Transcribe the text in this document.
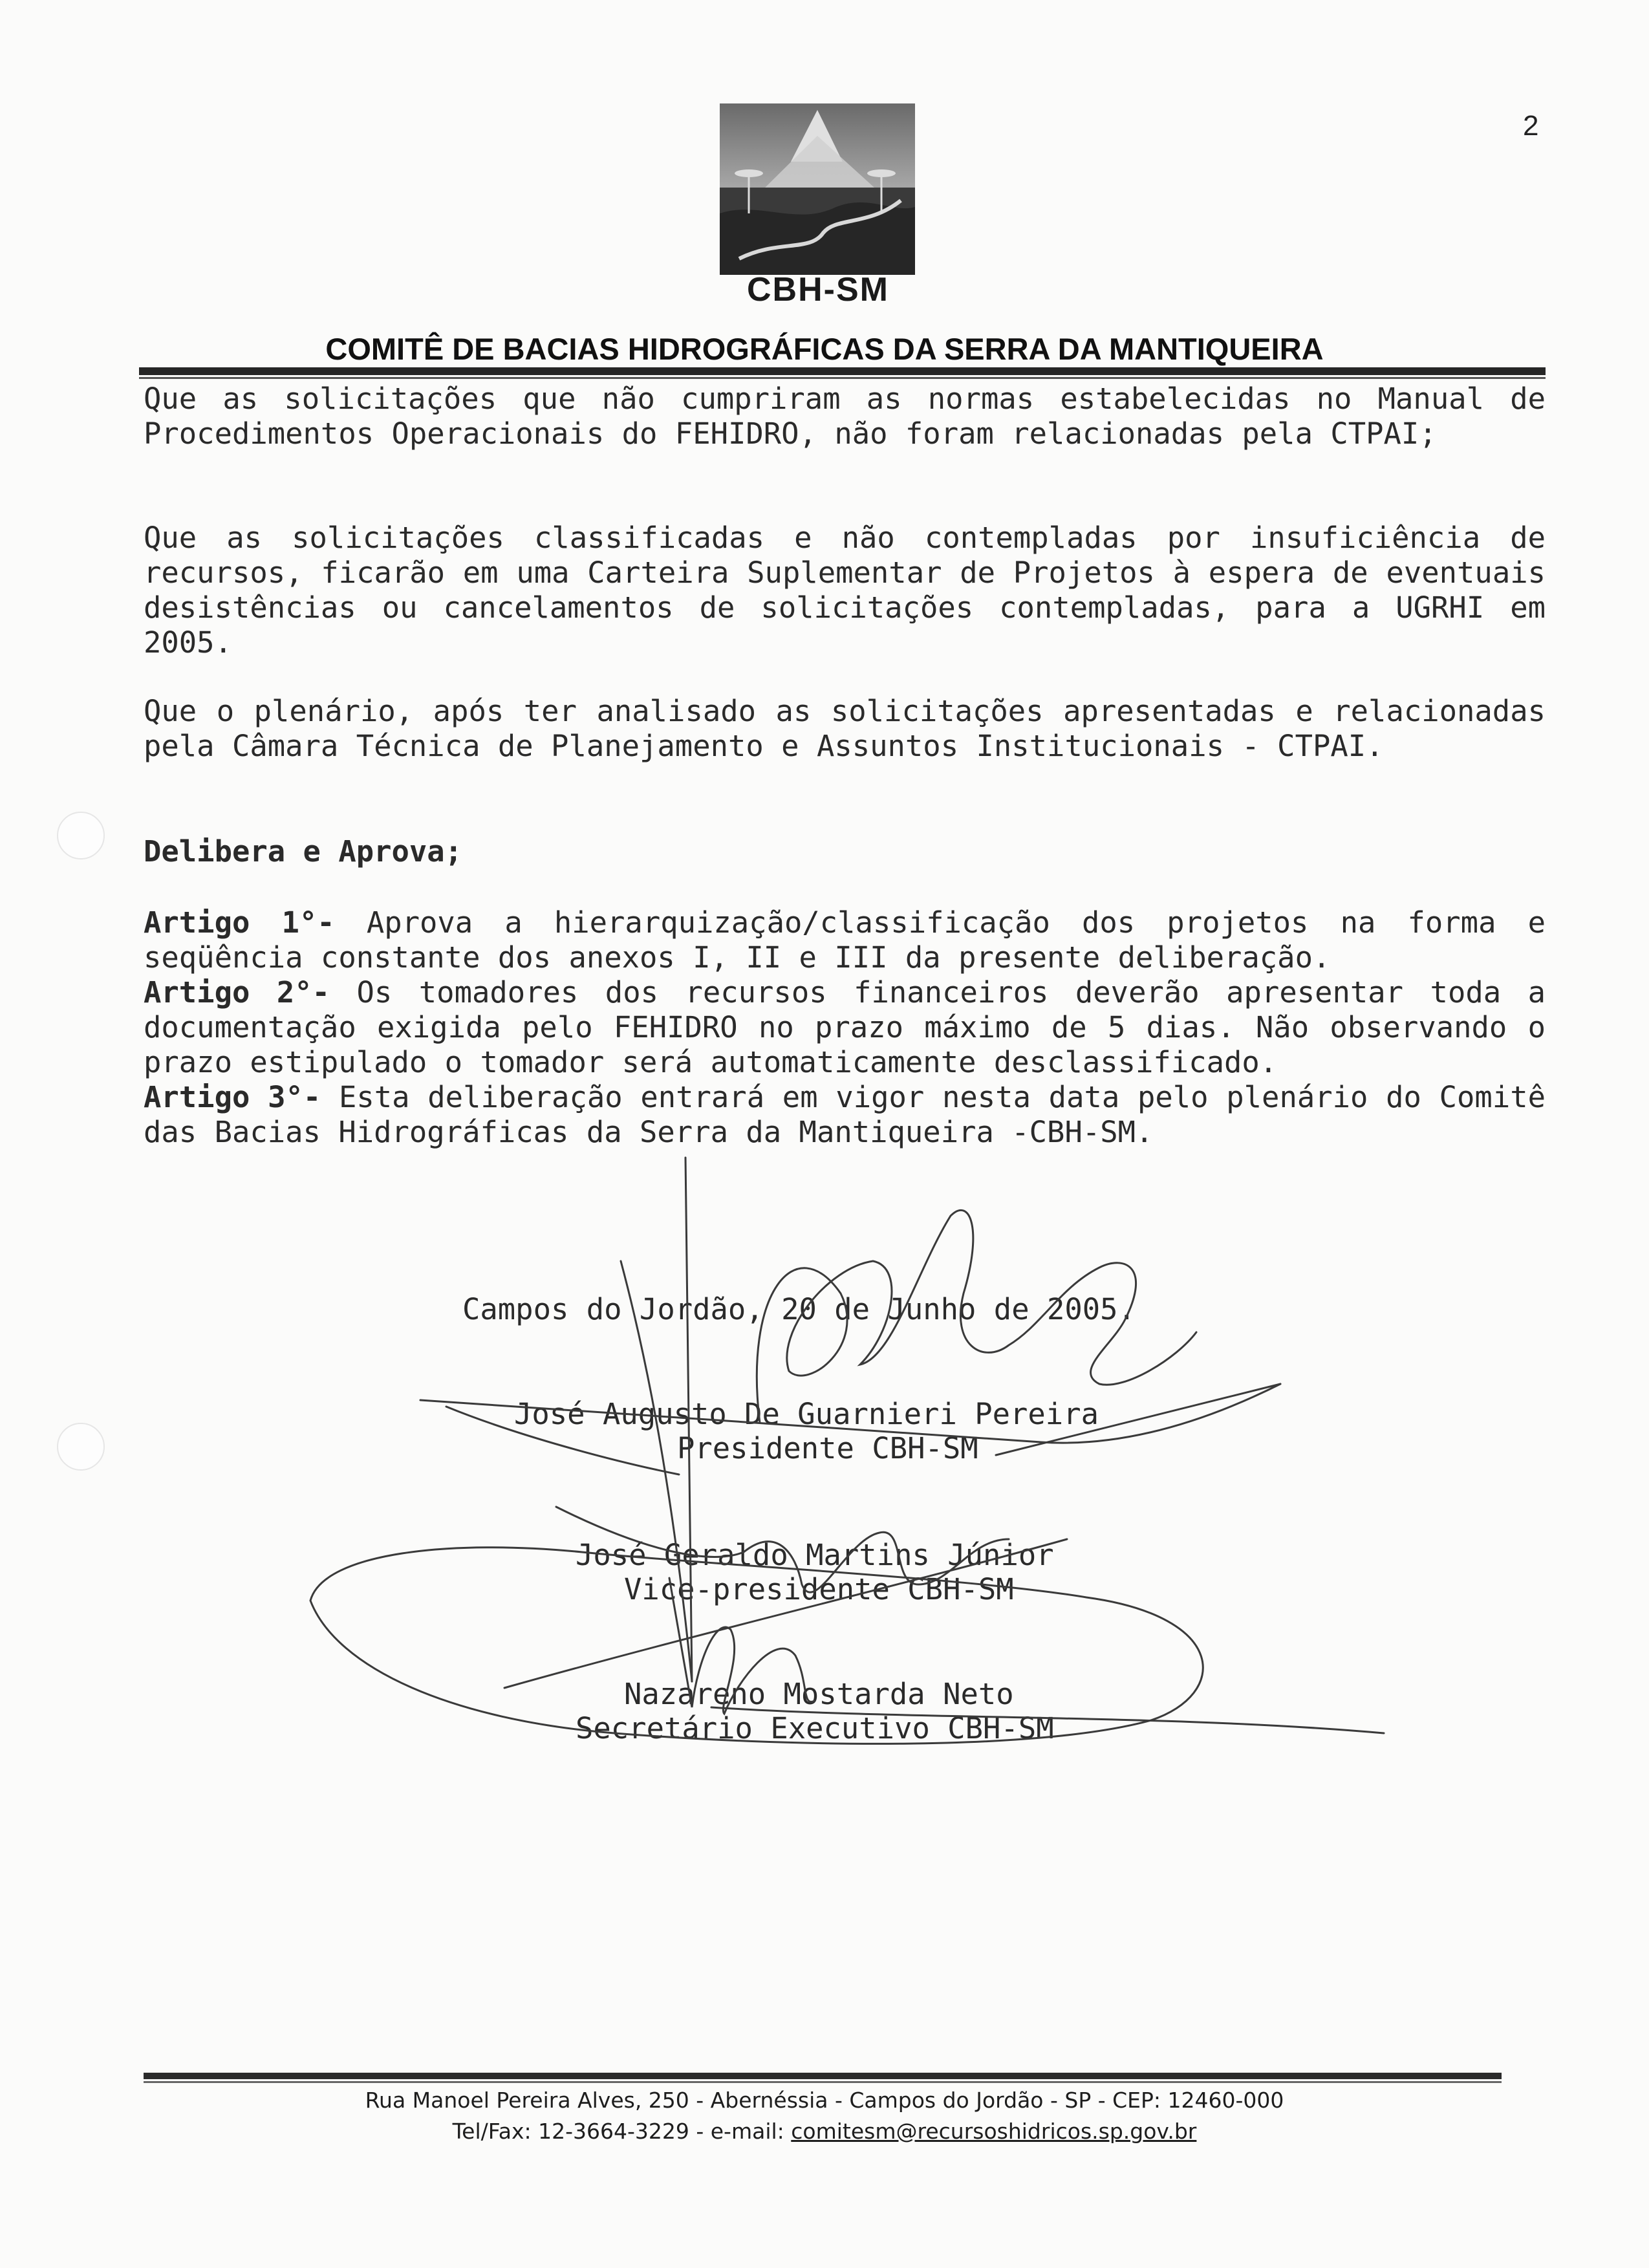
2
CBH-SM
COMITÊ DE BACIAS HIDROGRÁFICAS DA SERRA DA MANTIQUEIRA
Que as solicitações que não cumpriram as normas estabelecidas no Manual de Procedimentos Operacionais do FEHIDRO, não foram relacionadas pela CTPAI;
Que as solicitações classificadas e não contempladas por insuficiência de recursos, ficarão em uma Carteira Suplementar de Projetos à espera de eventuais desistências ou cancelamentos de solicitações contempladas, para a UGRHI em 2005.
Que o plenário, após ter analisado as solicitações apresentadas e relacionadas pela Câmara Técnica de Planejamento e Assuntos Institucionais - CTPAI.
Delibera e Aprova;
Artigo 1°- Aprova a hierarquização/classificação dos projetos na forma e seqüência constante dos anexos I, II e III da presente deliberação.
Artigo 2°- Os tomadores dos recursos financeiros deverão apresentar toda a documentação exigida pelo FEHIDRO no prazo máximo de 5 dias. Não observando o prazo estipulado o tomador será automaticamente desclassificado.
Artigo 3°- Esta deliberação entrará em vigor nesta data pelo plenário do Comitê das Bacias Hidrográficas da Serra da Mantiqueira -CBH-SM.
Campos do Jordão, 20 de Junho de 2005.
José Augusto De Guarnieri Pereira
Presidente CBH-SM
José Geraldo Martins Júnior
Vice-presidente CBH-SM
Nazareno Mostarda Neto
Secretário Executivo CBH-SM
Rua Manoel Pereira Alves, 250 - Abernéssia - Campos do Jordão - SP - CEP: 12460-000
Tel/Fax: 12-3664-3229 - e-mail: comitesm@recursoshidricos.sp.gov.br
